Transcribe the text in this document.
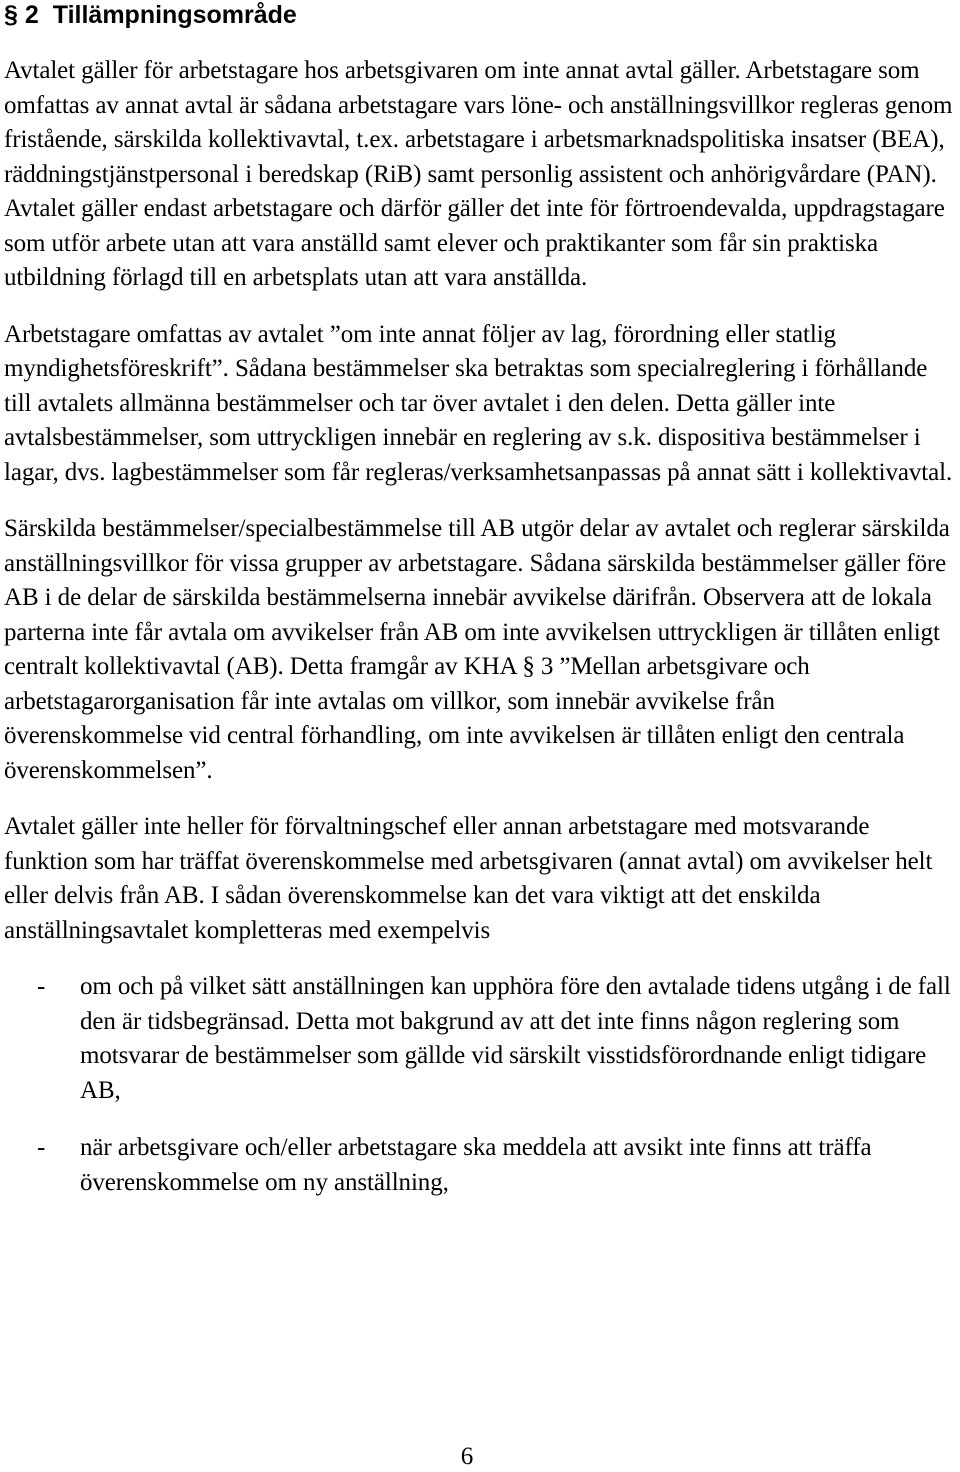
§ 2 Tillämpningsområde

Avtalet gäller för arbetstagare hos arbetsgivaren om inte annat avtal gäller. Arbetstagare som omfattas av annat avtal är sådana arbetstagare vars löne- och anställningsvillkor regleras genom fristående, särskilda kollektivavtal, t.ex. arbetstagare i arbetsmarknadspolitiska insatser (BEA), räddningstjänstpersonal i beredskap (RiB) samt personlig assistent och anhörigvårdare (PAN).

Avtalet gäller endast arbetstagare och därför gäller det inte för förtroendevalda, uppdragstagare som utför arbete utan att vara anställd samt elever och praktikanter som får sin praktiska utbildning förlagd till en arbetsplats utan att vara anställda.

Arbetstagare omfattas av avtalet ”om inte annat följer av lag, förordning eller statlig myndighetsföreskrift”. Sådana bestämmelser ska betraktas som specialreglering i förhållande till avtalets allmänna bestämmelser och tar över avtalet i den delen. Detta gäller inte avtalsbestämmelser, som uttryckligen innebär en reglering av s.k. dispositiva bestämmelser i lagar, dvs. lagbestämmelser som får regleras/verksamhetsanpassas på annat sätt i kollektivavtal.

Särskilda bestämmelser/specialbestämmelse till AB utgör delar av avtalet och reglerar särskilda anställningsvillkor för vissa grupper av arbetstagare. Sådana särskilda bestämmelser gäller före AB i de delar de särskilda bestämmelserna innebär avvikelse därifrån. Observera att de lokala parterna inte får avtala om avvikelser från AB om inte avvikelsen uttryckligen är tillåten enligt centralt kollektivavtal (AB). Detta framgår av KHA § 3 ”Mellan arbetsgivare och arbetstagarorganisation får inte avtalas om villkor, som innebär avvikelse från överenskommelse vid central förhandling, om inte avvikelsen är tillåten enligt den centrala överenskommelsen”.

Avtalet gäller inte heller för förvaltningschef eller annan arbetstagare med motsvarande funktion som har träffat överenskommelse med arbetsgivaren (annat avtal) om avvikelser helt eller delvis från AB. I sådan överenskommelse kan det vara viktigt att det enskilda anställningsavtalet kompletteras med exempelvis

- om och på vilket sätt anställningen kan upphöra före den avtalade tidens utgång i de fall den är tidsbegränsad. Detta mot bakgrund av att det inte finns någon reglering som motsvarar de bestämmelser som gällde vid särskilt visstidsförordnande enligt tidigare AB,
- när arbetsgivare och/eller arbetstagare ska meddela att avsikt inte finns att träffa överenskommelse om ny anställning,
6
